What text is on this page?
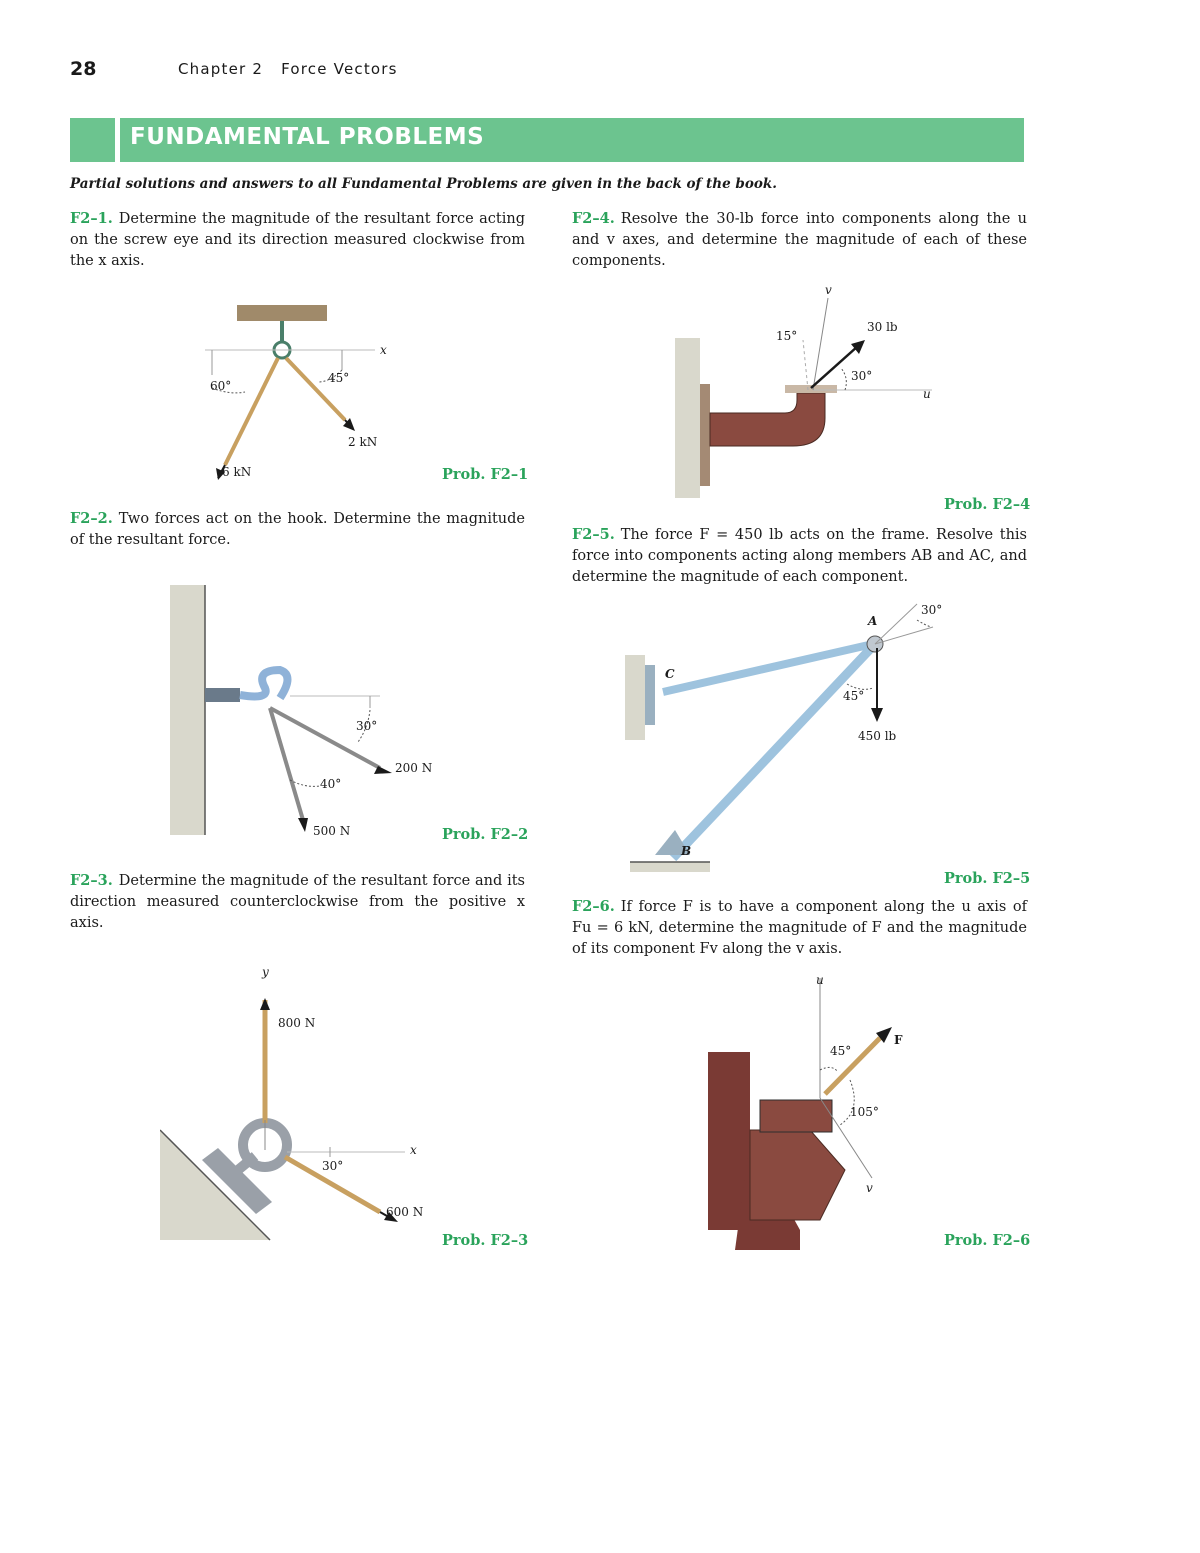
28	Chapter 2 Force Vectors
FUNDAMENTAL PROBLEMS
Partial solutions and answers to all Fundamental Problems are given in the back of the book.
F2–1. Determine the magnitude of the resultant force acting on the screw eye and its direction measured clockwise from the x axis.
x
60°
45°
2 kN
6 kN	Prob. F2–1
F2–2. Two forces act on the hook. Determine the magnitude of the resultant force.
30°
40°
200 N
500 N	Prob. F2–2
F2–3. Determine the magnitude of the resultant force and its direction measured counterclockwise from the positive x axis.
y
x
800 N
30°
600 N
Prob. F2–3
F2–4. Resolve the 30-lb force into components along the u and v axes, and determine the magnitude of each of these components.
u
v
15°
30°
30 lb
Prob. F2–4
F2–5. The force F = 450 lb acts on the frame. Resolve this force into components acting along members AB and AC, and determine the magnitude of each component.
A
C
B
30°
45°
450 lb
Prob. F2–5
F2–6. If force F is to have a component along the u axis of Fu = 6 kN, determine the magnitude of F and the magnitude of its component Fv along the v axis.
u
v
45°
105°
F
Prob. F2–6
